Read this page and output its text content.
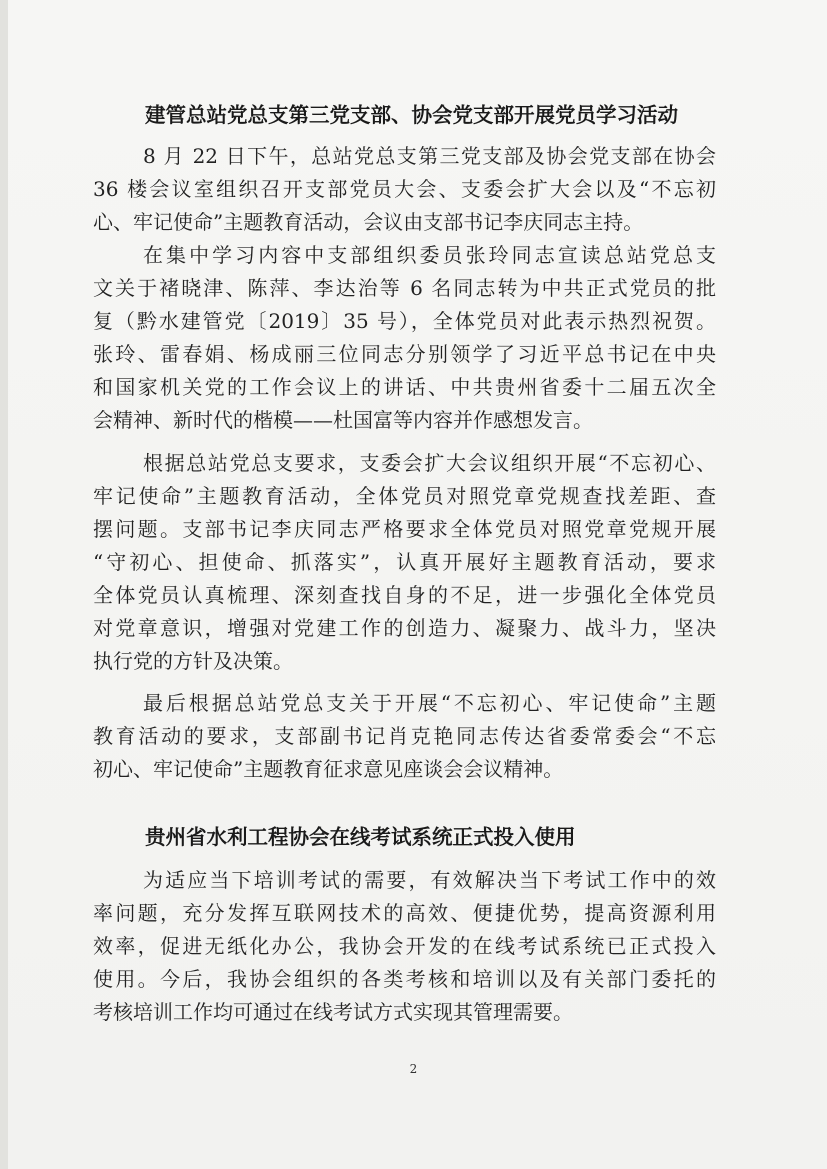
建管总站党总支第三党支部、协会党支部开展党员学习活动
8 月 22 日下午，总站党总支第三党支部及协会党支部在协会
36 楼会议室组织召开支部党员大会、支委会扩大会以及“不忘初
心、牢记使命”主题教育活动，会议由支部书记李庆同志主持。
在集中学习内容中支部组织委员张玲同志宣读总站党总支
文关于褚晓津、陈萍、李达治等 6 名同志转为中共正式党员的批
复（黔水建管党〔2019〕35 号），全体党员对此表示热烈祝贺。
张玲、雷春娟、杨成丽三位同志分别领学了习近平总书记在中央
和国家机关党的工作会议上的讲话、中共贵州省委十二届五次全
会精神、新时代的楷模——杜国富等内容并作感想发言。
根据总站党总支要求，支委会扩大会议组织开展“不忘初心、
牢记使命”主题教育活动，全体党员对照党章党规查找差距、查
摆问题。支部书记李庆同志严格要求全体党员对照党章党规开展
“守初心、担使命、抓落实”，认真开展好主题教育活动，要求
全体党员认真梳理、深刻查找自身的不足，进一步强化全体党员
对党章意识，增强对党建工作的创造力、凝聚力、战斗力，坚决
执行党的方针及决策。
最后根据总站党总支关于开展“不忘初心、牢记使命”主题
教育活动的要求，支部副书记肖克艳同志传达省委常委会“不忘
初心、牢记使命”主题教育征求意见座谈会会议精神。
贵州省水利工程协会在线考试系统正式投入使用
为适应当下培训考试的需要，有效解决当下考试工作中的效
率问题，充分发挥互联网技术的高效、便捷优势，提高资源利用
效率，促进无纸化办公，我协会开发的在线考试系统已正式投入
使用。今后，我协会组织的各类考核和培训以及有关部门委托的
考核培训工作均可通过在线考试方式实现其管理需要。
2
